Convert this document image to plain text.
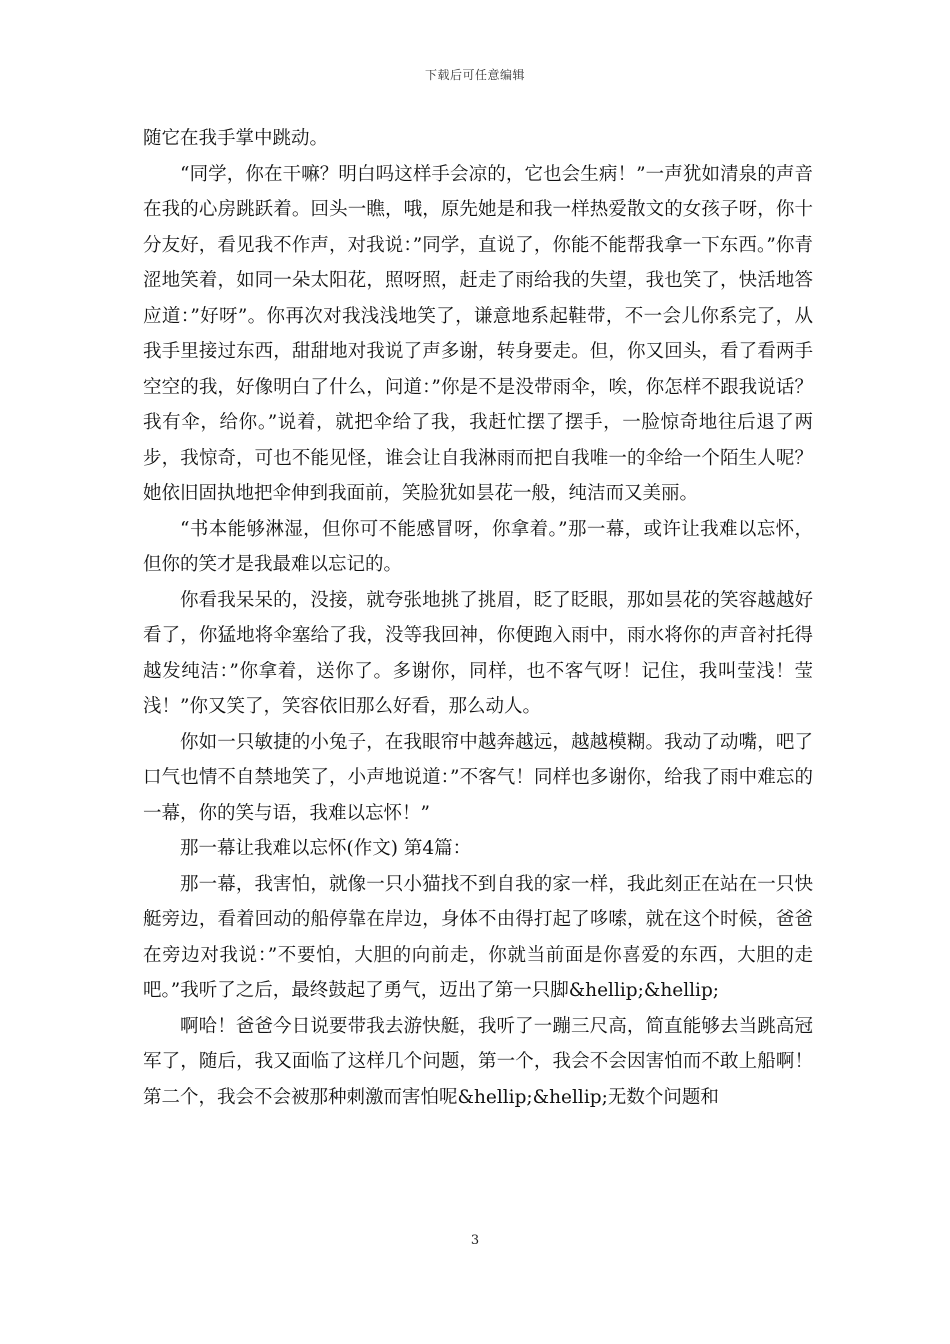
下载后可任意编辑

随它在我手掌中跳动。

“同学，你在干嘛？明白吗这样手会凉的，它也会生病！”一声犹如清泉的声音在我的心房跳跃着。回头一瞧，哦，原先她是和我一样热爱散文的女孩子呀，你十分友好，看见我不作声，对我说：”同学，直说了，你能不能帮我拿一下东西。”你青涩地笑着，如同一朵太阳花，照呀照，赶走了雨给我的失望，我也笑了，快活地答应道：”好呀”。你再次对我浅浅地笑了，谦意地系起鞋带，不一会儿你系完了，从我手里接过东西，甜甜地对我说了声多谢，转身要走。但，你又回头，看了看两手空空的我，好像明白了什么，问道：”你是不是没带雨伞，唉，你怎样不跟我说话？我有伞，给你。”说着，就把伞给了我，我赶忙摆了摆手，一脸惊奇地往后退了两步，我惊奇，可也不能见怪，谁会让自我淋雨而把自我唯一的伞给一个陌生人呢？她依旧固执地把伞伸到我面前，笑脸犹如昙花一般，纯洁而又美丽。

“书本能够淋湿，但你可不能感冒呀，你拿着。”那一幕，或许让我难以忘怀，但你的笑才是我最难以忘记的。

你看我呆呆的，没接，就夸张地挑了挑眉，眨了眨眼，那如昙花的笑容越越好看了，你猛地将伞塞给了我，没等我回神，你便跑入雨中，雨水将你的声音衬托得越发纯洁：”你拿着，送你了。多谢你，同样，也不客气呀！记住，我叫莹浅！莹浅！”你又笑了，笑容依旧那么好看，那么动人。

你如一只敏捷的小兔子，在我眼帘中越奔越远，越越模糊。我动了动嘴，吧了口气也情不自禁地笑了，小声地说道：”不客气！同样也多谢你，给我了雨中难忘的一幕，你的笑与语，我难以忘怀！”

那一幕让我难以忘怀(作文) 第4篇：

那一幕，我害怕，就像一只小猫找不到自我的家一样，我此刻正在站在一只快艇旁边，看着回动的船停靠在岸边，身体不由得打起了哆嗦，就在这个时候，爸爸在旁边对我说：”不要怕，大胆的向前走，你就当前面是你喜爱的东西，大胆的走吧。”我听了之后，最终鼓起了勇气，迈出了第一只脚&hellip;&hellip;

啊哈！爸爸今日说要带我去游快艇，我听了一蹦三尺高，简直能够去当跳高冠军了，随后，我又面临了这样几个问题，第一个，我会不会因害怕而不敢上船啊！第二个，我会不会被那种刺激而害怕呢&hellip;&hellip;无数个问题和

3
